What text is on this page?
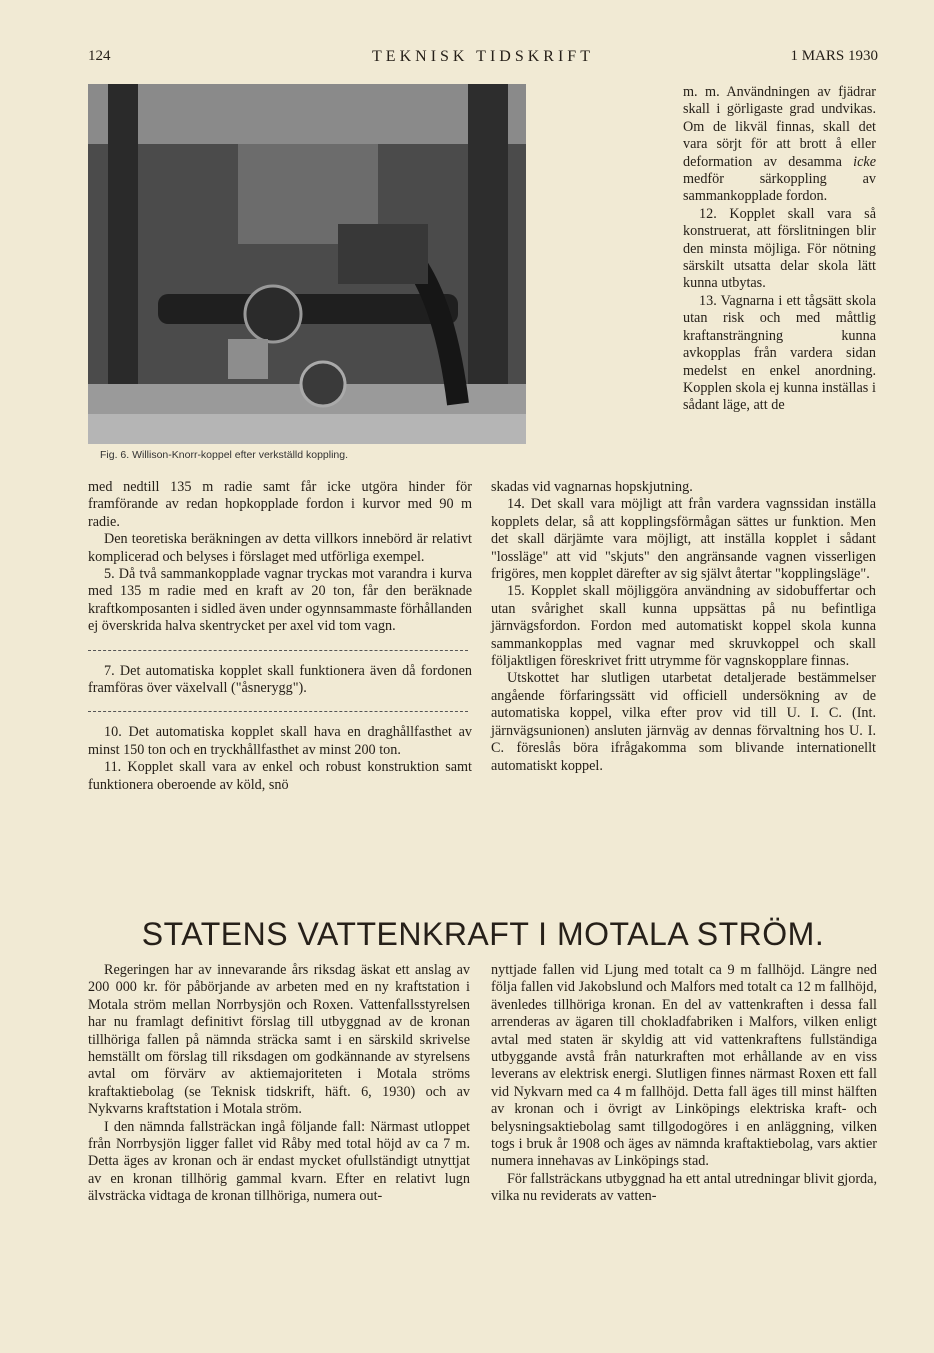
124	TEKNISK TIDSKRIFT	1 MARS 1930
Fig. 6. Willison-Knorr-koppel efter verkställd koppling.

m. m. Användningen av fjädrar skall i görligaste grad undvikas. Om de likväl finnas, skall det vara sörjt för att brott å eller deformation av desamma icke medför särkoppling av sammankopplade fordon.

12. Kopplet skall vara så konstruerat, att förslitningen blir den minsta möjliga. För nötning särskilt utsatta delar skola lätt kunna utbytas.

13. Vagnarna i ett tågsätt skola utan risk och med måttlig kraftansträngning kunna avkopplas från vardera sidan medelst en enkel anordning. Kopplen skola ej kunna inställas i sådant läge, att de

med nedtill 135 m radie samt får icke utgöra hinder för framförande av redan hopkopplade fordon i kurvor med 90 m radie.

Den teoretiska beräkningen av detta villkors innebörd är relativt komplicerad och belyses i förslaget med utförliga exempel.

5. Då två sammankopplade vagnar tryckas mot varandra i kurva med 135 m radie med en kraft av 20 ton, får den beräknade kraftkomposanten i sidled även under ogynnsammaste förhållanden ej överskrida halva skentrycket per axel vid tom vagn.

7. Det automatiska kopplet skall funktionera även då fordonen framföras över växelvall ("åsnerygg").

10. Det automatiska kopplet skall hava en draghållfasthet av minst 150 ton och en tryckhållfasthet av minst 200 ton.

11. Kopplet skall vara av enkel och robust konstruktion samt funktionera oberoende av köld, snö

skadas vid vagnarnas hopskjutning.

14. Det skall vara möjligt att från vardera vagnssidan inställa kopplets delar, så att kopplingsförmågan sättes ur funktion. Men det skall därjämte vara möjligt, att inställa kopplet i sådant "lossläge" att vid "skjuts" den angränsande vagnen visserligen frigöres, men kopplet därefter av sig självt återtar "kopplingsläge".

15. Kopplet skall möjliggöra användning av sidobuffertar och utan svårighet skall kunna uppsättas på nu befintliga järnvägsfordon. Fordon med automatiskt koppel skola kunna sammankopplas med vagnar med skruvkoppel och skall följaktligen föreskrivet fritt utrymme för vagnskopplare finnas.

Utskottet har slutligen utarbetat detaljerade bestämmelser angående förfaringssätt vid officiell undersökning av de automatiska koppel, vilka efter prov vid till U. I. C. (Int. järnvägsunionen) ansluten järnväg av dennas förvaltning hos U. I. C. föreslås böra ifrågakomma som blivande internationellt automatiskt koppel.

STATENS VATTENKRAFT I MOTALA STRÖM.

Regeringen har av innevarande års riksdag äskat ett anslag av 200 000 kr. för påbörjande av arbeten med en ny kraftstation i Motala ström mellan Norrbysjön och Roxen. Vattenfallsstyrelsen har nu framlagt definitivt förslag till utbyggnad av de kronan tillhöriga fallen på nämnda sträcka samt i en särskild skrivelse hemställt om förslag till riksdagen om godkännande av styrelsens avtal om förvärv av aktiemajoriteten i Motala ströms kraftaktiebolag (se Teknisk tidskrift, häft. 6, 1930) och av Nykvarns kraftstation i Motala ström.

I den nämnda fallsträckan ingå följande fall: Närmast utloppet från Norrbysjön ligger fallet vid Råby med total höjd av ca 7 m. Detta äges av kronan och är endast mycket ofullständigt utnyttjat av en kronan tillhörig gammal kvarn. Efter en relativt lugn älvsträcka vidtaga de kronan tillhöriga, numera out-

nyttjade fallen vid Ljung med totalt ca 9 m fallhöjd. Längre ned följa fallen vid Jakobslund och Malfors med totalt ca 12 m fallhöjd, ävenledes tillhöriga kronan. En del av vattenkraften i dessa fall arrenderas av ägaren till chokladfabriken i Malfors, vilken enligt avtal med staten är skyldig att vid vattenkraftens fullständiga utbyggande avstå från naturkraften mot erhållande av en viss leverans av elektrisk energi. Slutligen finnes närmast Roxen ett fall vid Nykvarn med ca 4 m fallhöjd. Detta fall äges till minst hälften av kronan och i övrigt av Linköpings elektriska kraft- och belysningsaktiebolag samt tillgodogöres i en anläggning, vilken togs i bruk år 1908 och äges av nämnda kraftaktiebolag, vars aktier numera innehavas av Linköpings stad.

För fallsträckans utbyggnad ha ett antal utredningar blivit gjorda, vilka nu reviderats av vatten-
